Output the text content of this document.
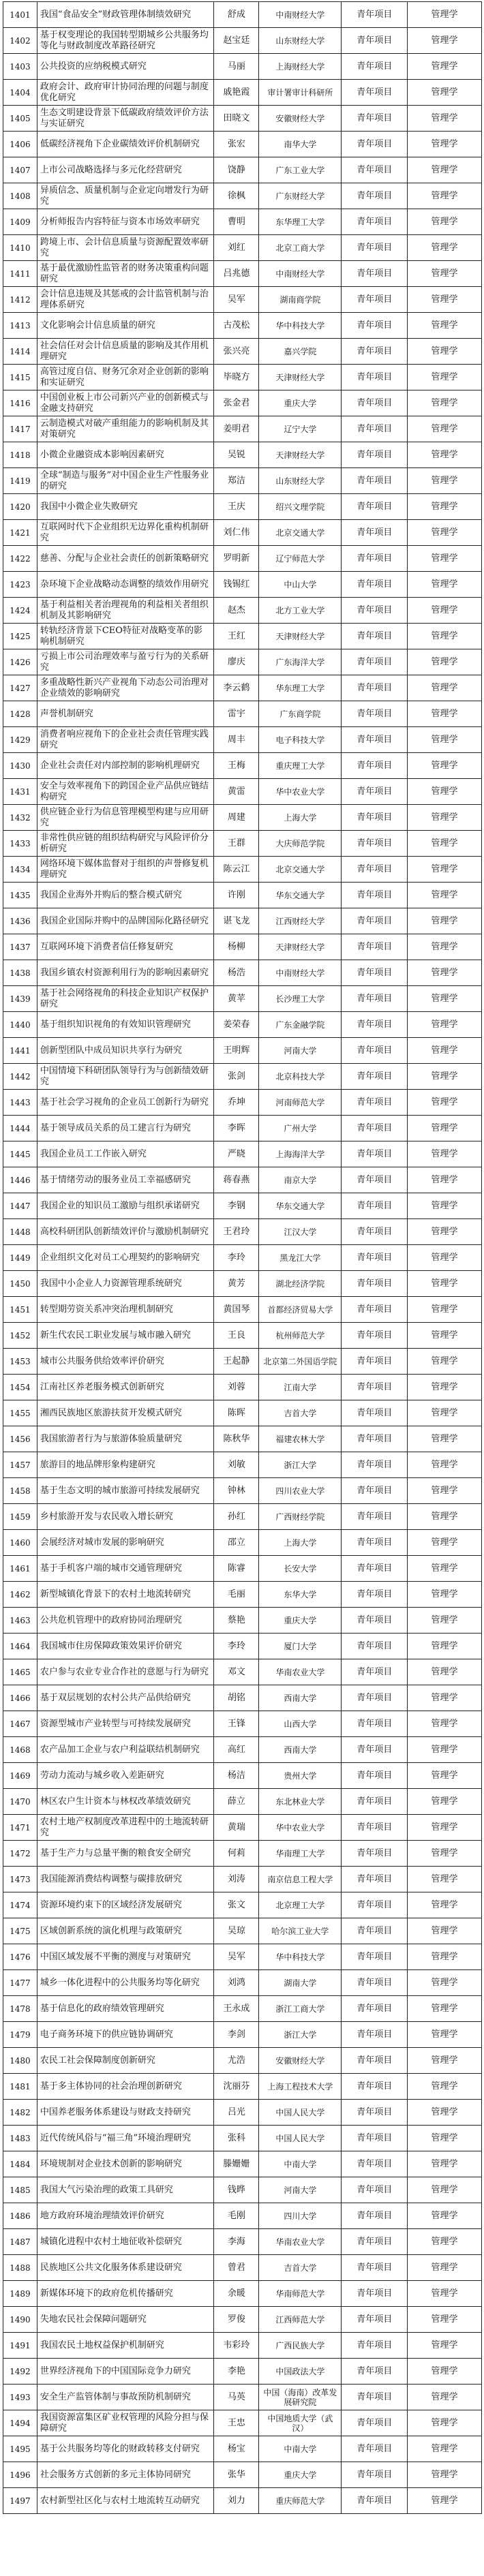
1401	我国“食品安全”财政管理体制绩效研究	舒成	中南财经大学	青年项目	管理学
1402	基于权变理论的我国转型期城乡公共服务均等化与财政制度改革路径研究	赵宝廷	山东财经大学	青年项目	管理学
1403	公共投资的应纳税模式研究	马丽	上海财经大学	青年项目	管理学
1404	政府会计、政府审计协同治理的问题与制度优化研究	戚艳霞	审计署审计科研所	青年项目	管理学
1405	生态文明建设背景下低碳政府绩效评价方法与实证研究	田晓文	安徽财经大学	青年项目	管理学
1406	低碳经济视角下企业碳绩效评价机制研究	张宏	南华大学	青年项目	管理学
1407	上市公司战略选择与多元化经营研究	饶静	广东工业大学	青年项目	管理学
1408	异质信念、质量机制与企业定向增发行为研究	徐枫	广东财经大学	青年项目	管理学
1409	分析师报告内容特征与资本市场效率研究	曹明	东华理工大学	青年项目	管理学
1410	跨境上市、会计信息质量与资源配置效率研究	刘红	北京工商大学	青年项目	管理学
1411	基于最优激励性监管者的财务决策重构问题研究	吕兆德	中南财经大学	青年项目	管理学
1412	会计信息违规及其惩戒的会计监管机制与治理体系研究	吴军	湖南商学院	青年项目	管理学
1413	文化影响会计信息质量的研究	古茂松	华中科技大学	青年项目	管理学
1414	社会信任对会计信息质量的影响及其作用机理研究	张兴亮	嘉兴学院	青年项目	管理学
1415	高管过度自信、财务冗余对企业创新的影响和实证研究	毕晓方	天津财经大学	青年项目	管理学
1416	中国创业板上市公司新兴产业的创新模式与金融支持研究	张金君	重庆大学	青年项目	管理学
1417	云制造模式对破产重组能力的影响机制及其对策研究	姜明君	辽宁大学	青年项目	管理学
1418	小微企业融资成本影响因素研究	吴锐	天津财经大学	青年项目	管理学
1419	全球“制造与服务”对中国企业生产性服务业的研究	郑洁	山东财经大学	青年项目	管理学
1420	我国中小微企业失败研究	王庆	绍兴文理学院	青年项目	管理学
1421	互联网时代下企业组织无边界化重构机制研究	刘仁伟	北京交通大学	青年项目	管理学
1422	慈善、分配与企业社会责任的创新策略研究	罗明新	辽宁师范大学	青年项目	管理学
1423	杂环境下企业战略动态调整的绩效作用研究	钱锡红	中山大学	青年项目	管理学
1424	基于利益相关者治理视角的利益相关者组织机制及其影响研究	赵杰	北方工业大学	青年项目	管理学
1425	转轨经济背景下CEO特征对战略变革的影响机制研究	王红	天津财经大学	青年项目	管理学
1426	亏损上市公司治理效率与盈亏行为的关系研究	廖庆	广东海洋大学	青年项目	管理学
1427	多重战略性新兴产业视角下动态公司治理对企业绩效的影响研究	李云鹤	华东理工大学	青年项目	管理学
1428	声誉机制研究	雷宇	广东商学院	青年项目	管理学
1429	消费者响应视角下的企业社会责任管理实践研究	周丰	电子科技大学	青年项目	管理学
1430	企业社会责任对内部控制的影响机理研究	王梅	重庆理工大学	青年项目	管理学
1431	安全与效率视角下的跨国企业产品供应链结构研究	黄雷	华中农业大学	青年项目	管理学
1432	供应链企业行为信息管理模型构建与应用研究	周建	上海大学	青年项目	管理学
1433	非常性供应链的组织结构研究与风险评价分析研究	王群	大庆师范学院	青年项目	管理学
1434	网络环境下媒体监督对于组织的声誉修复机理研究	陈云江	北京交通大学	青年项目	管理学
1435	我国企业海外并购后的整合模式研究	许刚	华东交通大学	青年项目	管理学
1436	我国企业国际并购中的品牌国际化路径研究	谌飞龙	江西财经大学	青年项目	管理学
1437	互联网环境下消费者信任修复研究	杨柳	天津财经大学	青年项目	管理学
1438	我国乡镇农村资源利用行为的影响因素研究	杨浩	中南财经大学	青年项目	管理学
1439	基于社会网络视角的科技企业知识产权保护研究	黄苹	长沙理工大学	青年项目	管理学
1440	基于组织知识视角的有效知识管理研究	姜荣春	广东金融学院	青年项目	管理学
1441	创新型团队中成员知识共享行为研究	王明辉	河南大学	青年项目	管理学
1442	中国情境下科研团队领导行为与创新绩效研究	张剑	北京科技大学	青年项目	管理学
1443	基于社会学习视角的企业员工创新行为研究	乔坤	河南师范大学	青年项目	管理学
1444	基于领导成员关系的员工建言行为研究	李晖	广州大学	青年项目	管理学
1445	我国企业员工工作嵌入研究	严晓	上海海洋大学	青年项目	管理学
1446	基于情绪劳动的服务业员工幸福感研究	蒋春燕	南京大学	青年项目	管理学
1447	我国企业的知识员工激励与组织承诺研究	李钢	华东交通大学	青年项目	管理学
1448	高校科研团队创新绩效评价与激励机制研究	王君玲	江汉大学	青年项目	管理学
1449	企业组织文化对员工心理契约的影响研究	李玲	黑龙江大学	青年项目	管理学
1450	我国中小企业人力资源管理系统研究	黄芳	湖北经济学院	青年项目	管理学
1451	转型期劳资关系冲突治理机制研究	黄国琴	首都经济贸易大学	青年项目	管理学
1452	新生代农民工职业发展与城市融入研究	王良	杭州师范大学	青年项目	管理学
1453	城市公共服务供给效率评价研究	王起静	北京第二外国语学院	青年项目	管理学
1454	江南社区养老服务模式创新研究	刘蓉	江南大学	青年项目	管理学
1455	湘西民族地区旅游扶贫开发模式研究	陈晖	吉首大学	青年项目	管理学
1456	我国旅游者行为与旅游体验质量研究	陈秋华	福建农林大学	青年项目	管理学
1457	旅游目的地品牌形象构建研究	刘敏	浙江大学	青年项目	管理学
1458	基于生态文明的城市旅游可持续发展研究	钟林	四川农业大学	青年项目	管理学
1459	乡村旅游开发与农民收入增长研究	孙红	广西财经学院	青年项目	管理学
1460	会展经济对城市发展的影响研究	邵立	上海大学	青年项目	管理学
1461	基于手机客户端的城市交通管理研究	陈睿	长安大学	青年项目	管理学
1462	新型城镇化背景下的农村土地流转研究	毛丽	东华大学	青年项目	管理学
1463	公共危机管理中的政府协同治理研究	蔡艳	重庆大学	青年项目	管理学
1464	我国城市住房保障政策效果评价研究	李玲	厦门大学	青年项目	管理学
1465	农户参与农业专业合作社的意愿与行为研究	邓文	华南农业大学	青年项目	管理学
1466	基于双层规划的农村公共产品供给研究	胡铭	西南大学	青年项目	管理学
1467	资源型城市产业转型与可持续发展研究	王锋	山西大学	青年项目	管理学
1468	农产品加工企业与农户利益联结机制研究	高红	西南大学	青年项目	管理学
1469	劳动力流动与城乡收入差距研究	杨洁	贵州大学	青年项目	管理学
1470	林区农户生计资本与林权改革绩效研究	薛立	东北林业大学	青年项目	管理学
1471	农村土地产权制度改革进程中的土地流转研究	黄瑞	华中农业大学	青年项目	管理学
1472	基于生产力与总量平衡的粮食安全研究	何莉	华南理工大学	青年项目	管理学
1473	我国能源消费结构调整与碳排放研究	刘涛	南京信息工程大学	青年项目	管理学
1474	资源环境约束下的区域经济发展研究	张文	北京理工大学	青年项目	管理学
1475	区域创新系统的演化机理与政策研究	吴琼	哈尔滨工业大学	青年项目	管理学
1476	中国区域发展不平衡的测度与对策研究	吴军	华中科技大学	青年项目	管理学
1477	城乡一体化进程中的公共服务均等化研究	刘鸿	湖南大学	青年项目	管理学
1478	基于信息化的政府绩效管理研究	王永成	浙江工商大学	青年项目	管理学
1479	电子商务环境下的供应链协调研究	李剑	浙江大学	青年项目	管理学
1480	农民工社会保障制度创新研究	尤浩	安徽财经大学	青年项目	管理学
1481	基于多主体协同的社会治理创新研究	沈丽芬	上海工程技术大学	青年项目	管理学
1482	中国养老服务体系建设与财政支持研究	吕光	中国人民大学	青年项目	管理学
1483	近代传统风俗与“福三角”环境治理研究	张科	中国人民大学	青年项目	管理学
1484	环境规制对企业技术创新的影响研究	滕姗姗	中南大学	青年项目	管理学
1485	我国大气污染治理的政策工具研究	钱晔	河南大学	青年项目	管理学
1486	地方政府环境治理绩效评价研究	毛刚	四川大学	青年项目	管理学
1487	城镇化进程中农村土地征收补偿研究	李海	华南农业大学	青年项目	管理学
1488	民族地区公共文化服务体系建设研究	曾君	吉首大学	青年项目	管理学
1489	新媒体环境下的政府危机传播研究	余暖	华南师范大学	青年项目	管理学
1490	失地农民社会保障问题研究	罗俊	江西师范大学	青年项目	管理学
1491	我国农民土地权益保护机制研究	韦彩玲	广西民族大学	青年项目	管理学
1492	世界经济视角下的中国国际竞争力研究	李艳	中国政法大学	青年项目	管理学
1493	安全生产监管体制与事故预防机制研究	马英	中国（海南）改革发展研究院	青年项目	管理学
1494	我国资源富集区矿业权管理的风险分担与保障研究	王忠	中国地质大学（武汉）	青年项目	管理学
1495	基于公共服务均等化的财政转移支付研究	杨宝	中南大学	青年项目	管理学
1496	社会服务方式创新的多元主体协同研究	张华	重庆大学	青年项目	管理学
1497	农村新型社区化与农村土地流转互动研究	刘力	重庆师范大学	青年项目	管理学
